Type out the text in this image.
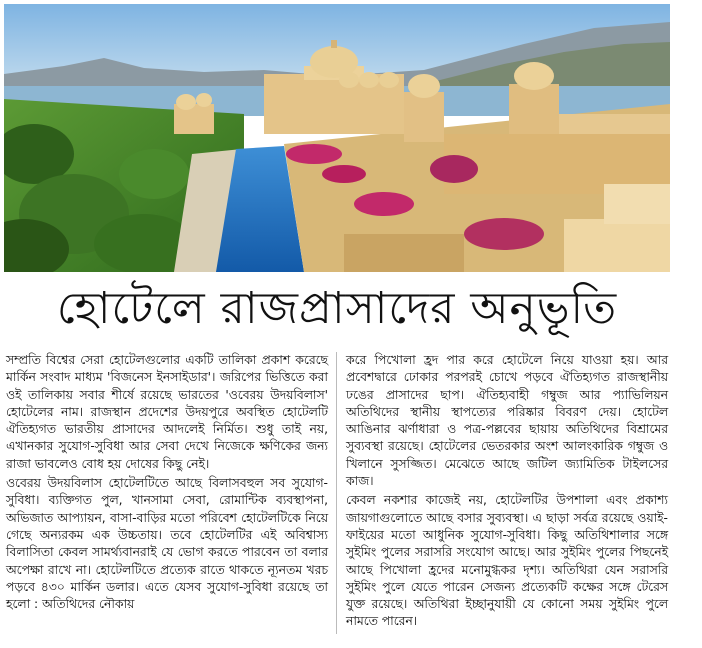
হোটেলে রাজপ্রাসাদের অনুভূতি

সম্প্রতি বিশ্বের সেরা হোটেলগুলোর একটি তালিকা প্রকাশ করেছে মার্কিন সংবাদ মাধ্যম 'বিজনেস ইনসাইডার'। জরিপের ভিত্তিতে করা ওই তালিকায় সবার শীর্ষে রয়েছে ভারতের 'ওবেরয় উদয়বিলাস' হোটেলের নাম। রাজস্থান প্রদেশের উদয়পুরে অবস্থিত হোটেলটি ঐতিহ্যগত ভারতীয় প্রাসাদের আদলেই নির্মিত। শুধু তাই নয়, এখানকার সুযোগ-সুবিধা আর সেবা দেখে নিজেকে ক্ষণিকের জন্য রাজা ভাবলেও বোধ হয় দোষের কিছু নেই।

ওবেরয় উদয়বিলাস হোটেলটিতে আছে বিলাসবহুল সব সুযোগ-সুবিধা। ব্যক্তিগত পুল, খানসামা সেবা, রোমান্টিক ব্যবস্থাপনা, অভিজাত আপ্যায়ন, বাসা-বাড়ির মতো পরিবেশ হোটেলটিকে নিয়ে গেছে অন্যরকম এক উচ্চতায়। তবে হোটেলটির এই অবিশ্বাস্য বিলাসিতা কেবল সামর্থ্যবানরাই যে ভোগ করতে পারবেন তা বলার অপেক্ষা রাখে না। হোটেলটিতে প্রত্যেক রাতে থাকতে ন্যূনতম খরচ পড়বে ৪৩০ মার্কিন ডলার। এতে যেসব সুযোগ-সুবিধা রয়েছে তা হলো : অতিথিদের নৌকায়

করে পিখোলা হ্রদ পার করে হোটেলে নিয়ে যাওয়া হয়। আর প্রবেশদ্বারে ঢোকার পরপরই চোখে পড়বে ঐতিহ্যগত রাজস্থানীয় ঢঙের প্রাসাদের ছাপ। ঐতিহ্যবাহী গম্বুজ আর প্যাভিলিয়ন অতিথিদের স্থানীয় স্থাপত্যের পরিষ্কার বিবরণ দেয়। হোটেল আঙিনার ঝর্ণাধারা ও পত্র-পল্লবের ছায়ায় অতিথিদের বিশ্রামের সুব্যবস্থা রয়েছে। হোটেলের ভেতরকার অংশ আলংকারিক গম্বুজ ও খিলানে সুসজ্জিত। মেঝেতে আছে জটিল জ্যামিতিক টাইলসের কাজ।

কেবল নকশার কাজেই নয়, হোটেলটির উপশালা এবং প্রকাশ্য জায়গাগুলোতে আছে বসার সুব্যবস্থা। এ ছাড়া সর্বত্র রয়েছে ওয়াই-ফাইয়ের মতো আধুনিক সুযোগ-সুবিধা। কিছু অতিথিশালার সঙ্গে সুইমিং পুলের সরাসরি সংযোগ আছে। আর সুইমিং পুলের পিছনেই আছে পিখোলা হ্রদের মনোমুগ্ধকর দৃশ্য। অতিথিরা যেন সরাসরি সুইমিং পুলে যেতে পারেন সেজন্য প্রত্যেকটি কক্ষের সঙ্গে টেরেস যুক্ত রয়েছে। অতিথিরা ইচ্ছানুযায়ী যে কোনো সময় সুইমিং পুলে নামতে পারেন।
